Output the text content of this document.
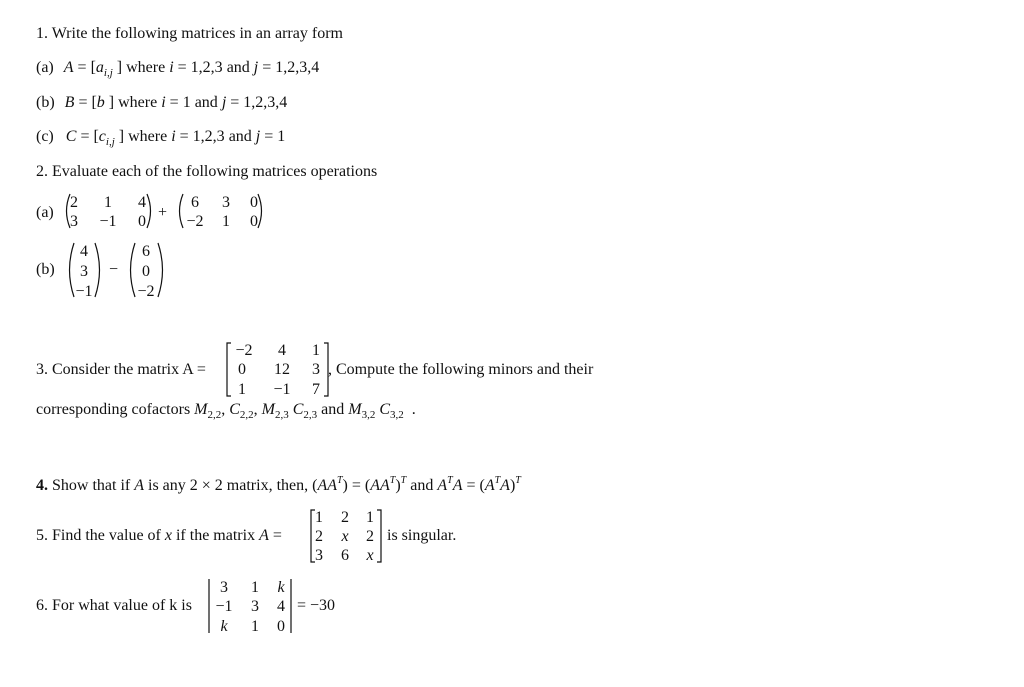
1. Write the following matrices in an array form
(a) $A = [a_{i,j}$ ] where i = 1,2,3 and j = 1,2,3,4
(b) B = [b ] where i = 1 and j = 1,2,3,4
(c) $C = [c_{i,j}$ ] where i = 1,2,3 and j = 1
2. Evaluate each of the following matrices operations
(a)
2 1 4
3 −1 0
+
6	3 0
−2 1 0
(b)
4
3
−1
−
6
0
−2
3. Consider the matrix A =
−2	4	1
0	12	3
1	−1	7
, Compute the following minors and their
corresponding cofactors $M_{2,2}$, $C_{2,2}$, $M_{2,3}$ $C_{2,3}$ and $M_{3,2}$ $C_{3,2}$ .
4. Show that if A is any 2 × 2 matrix, then, $(AA^T) = (AA^T)^T$ and $A^TA = (A^TA)^T$
5. Find the value of x if the matrix A =
1 2 1
2 x 2
3 6 x
is singular.
6. For what value of k is
3	1 k
−1	3 4
k	1 0
= −30
